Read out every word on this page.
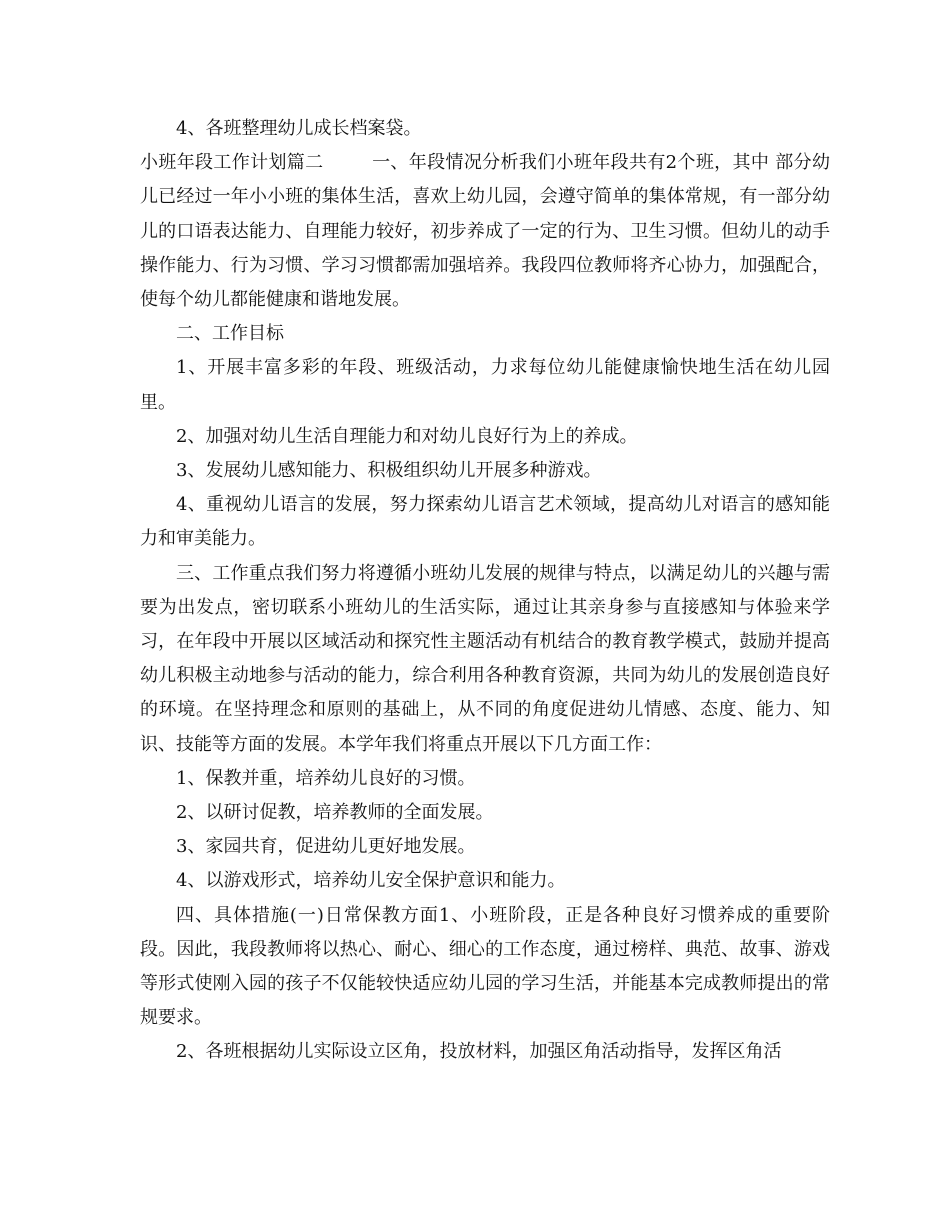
4、各班整理幼儿成长档案袋。

小班年段工作计划篇二        一、年段情况分析我们小班年段共有2个班，其中 部分幼儿已经过一年小小班的集体生活，喜欢上幼儿园，会遵守简单的集体常规，有一部分幼儿的口语表达能力、自理能力较好，初步养成了一定的行为、卫生习惯。但幼儿的动手操作能力、行为习惯、学习习惯都需加强培养。我段四位教师将齐心协力，加强配合，使每个幼儿都能健康和谐地发展。

二、工作目标

1、开展丰富多彩的年段、班级活动，力求每位幼儿能健康愉快地生活在幼儿园里。

2、加强对幼儿生活自理能力和对幼儿良好行为上的养成。

3、发展幼儿感知能力、积极组织幼儿开展多种游戏。

4、重视幼儿语言的发展，努力探索幼儿语言艺术领域，提高幼儿对语言的感知能力和审美能力。

三、工作重点我们努力将遵循小班幼儿发展的规律与特点，以满足幼儿的兴趣与需要为出发点，密切联系小班幼儿的生活实际，通过让其亲身参与直接感知与体验来学习，在年段中开展以区域活动和探究性主题活动有机结合的教育教学模式，鼓励并提高幼儿积极主动地参与活动的能力，综合利用各种教育资源，共同为幼儿的发展创造良好的环境。在坚持理念和原则的基础上，从不同的角度促进幼儿情感、态度、能力、知识、技能等方面的发展。本学年我们将重点开展以下几方面工作：

1、保教并重，培养幼儿良好的习惯。

2、以研讨促教，培养教师的全面发展。

3、家园共育，促进幼儿更好地发展。

4、以游戏形式，培养幼儿安全保护意识和能力。

四、具体措施(一)日常保教方面1、小班阶段，正是各种良好习惯养成的重要阶段。因此，我段教师将以热心、耐心、细心的工作态度，通过榜样、典范、故事、游戏等形式使刚入园的孩子不仅能较快适应幼儿园的学习生活，并能基本完成教师提出的常规要求。

2、各班根据幼儿实际设立区角，投放材料，加强区角活动指导，发挥区角活
